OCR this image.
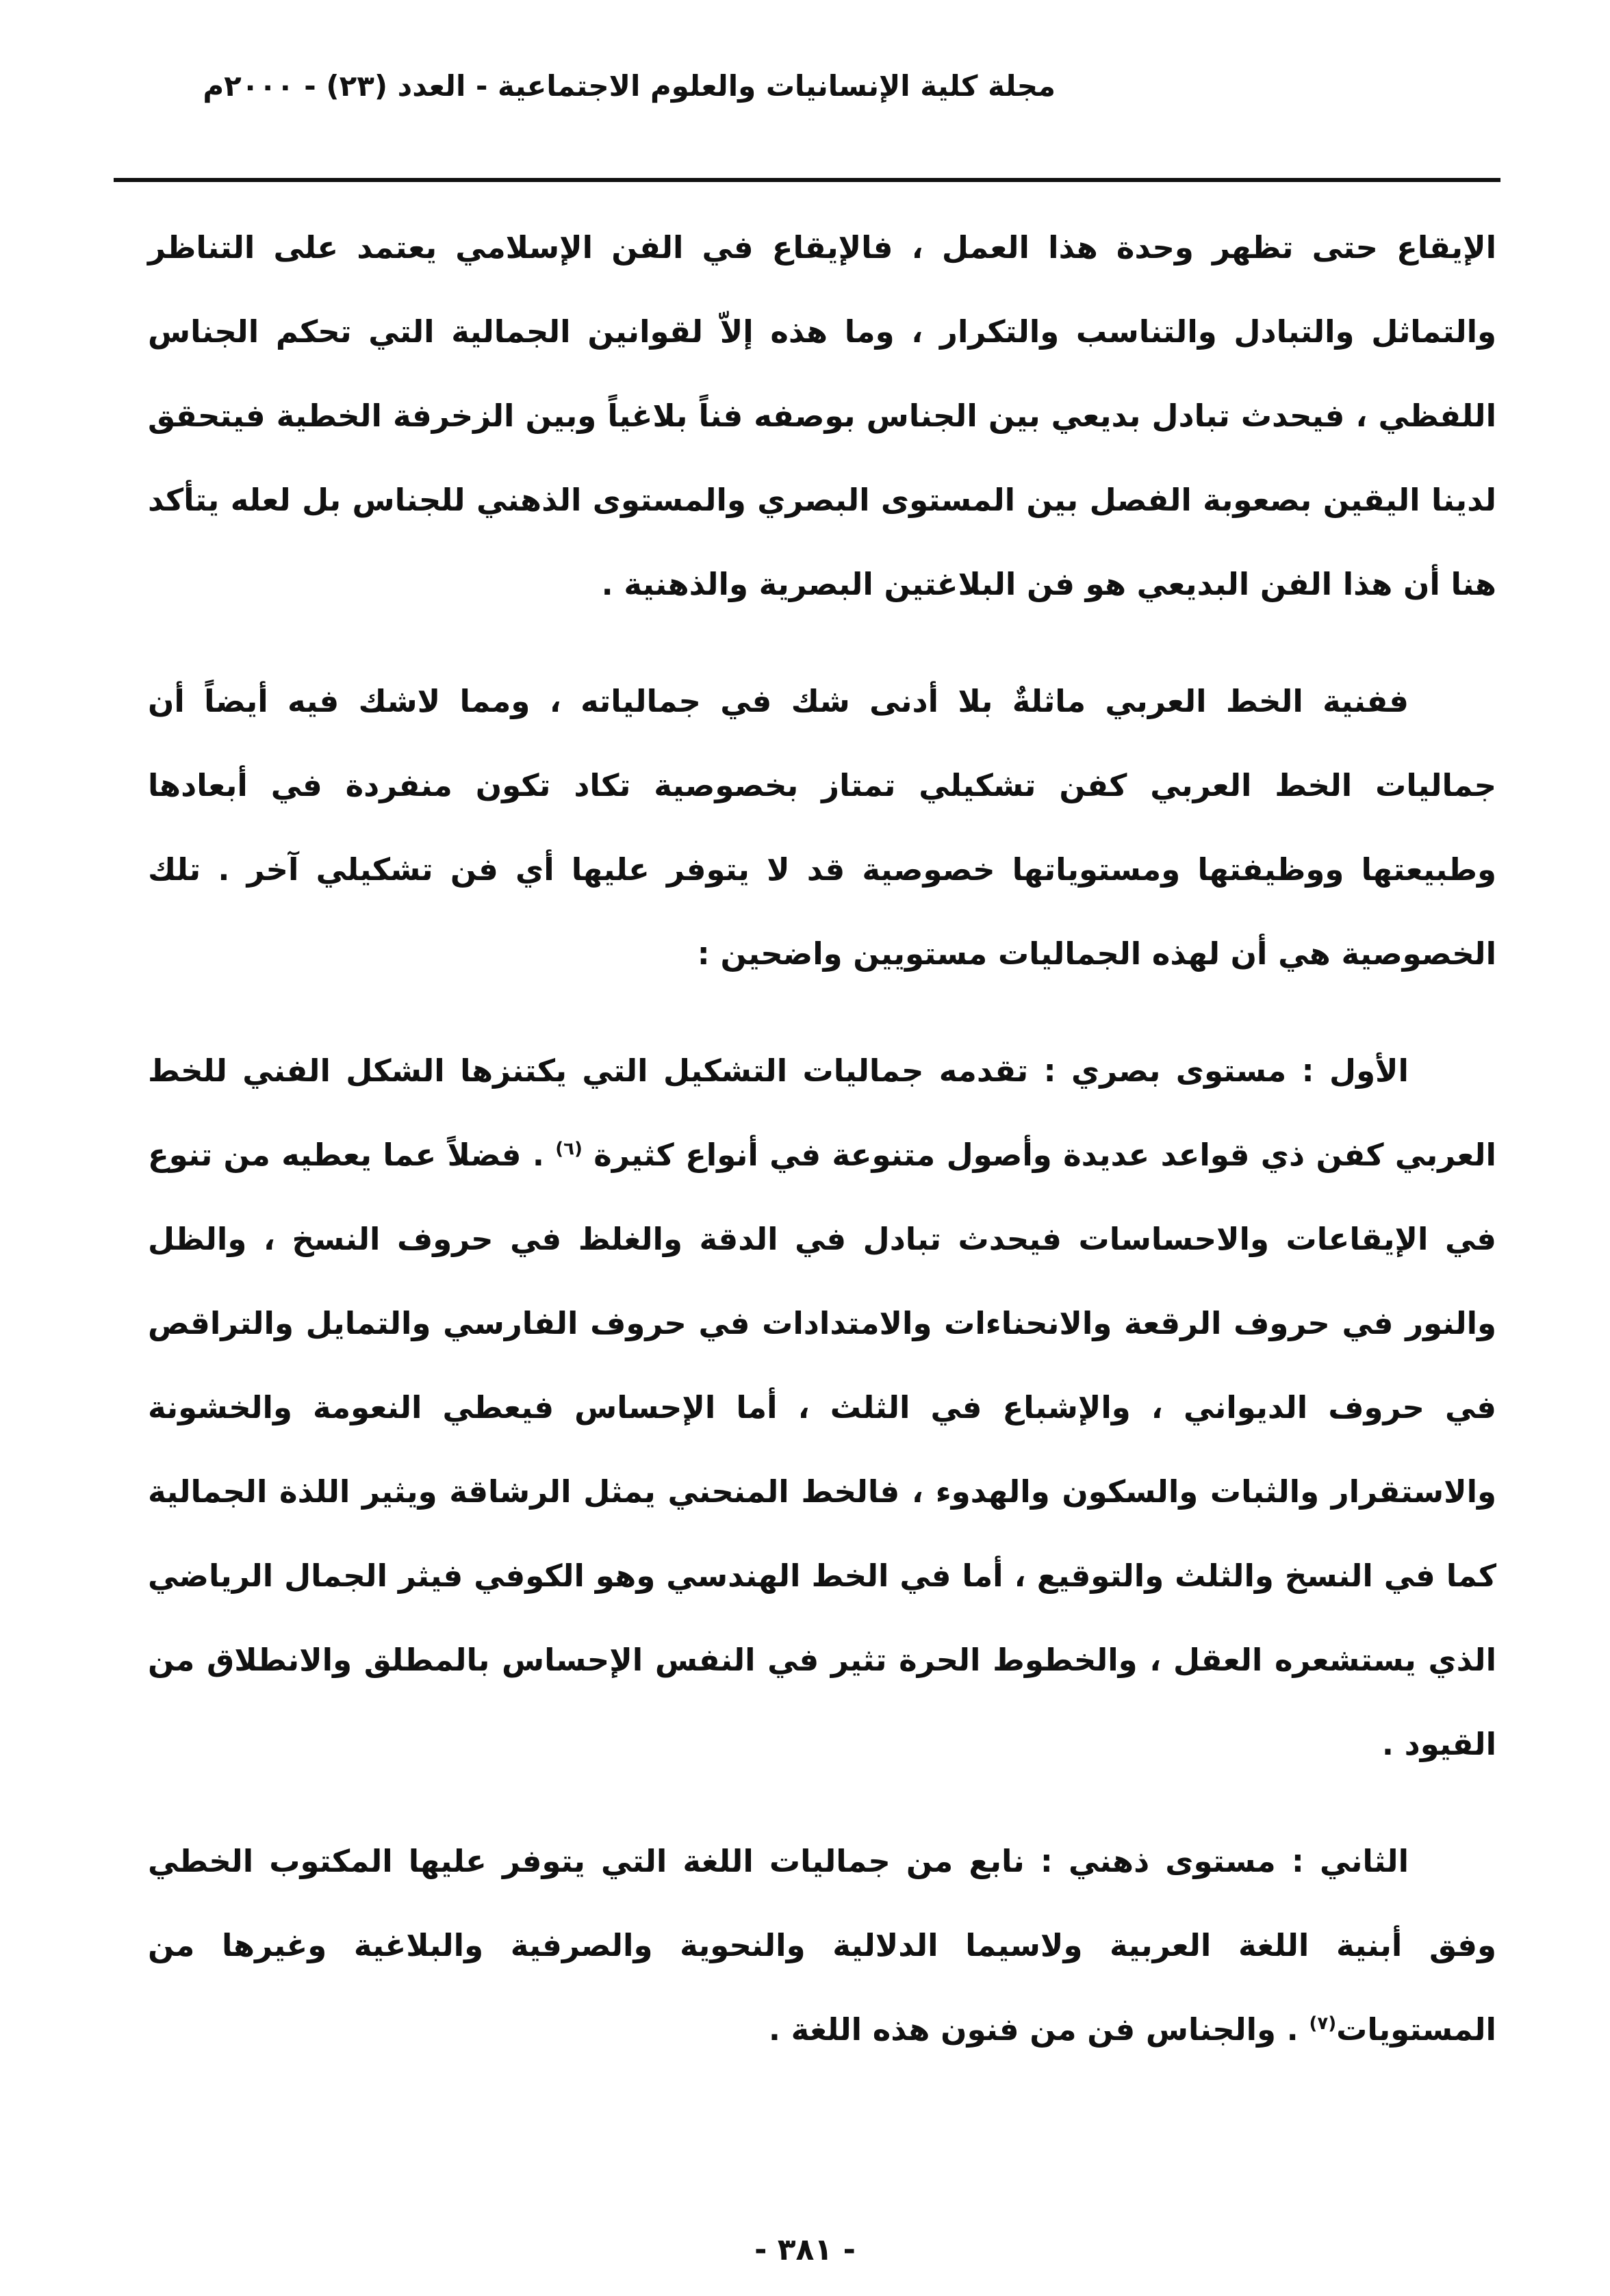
مجلة كلية الإنسانيات والعلوم الاجتماعية - العدد (٢٣) - ٢٠٠٠م

الإيقاع حتى تظهر وحدة هذا العمل ، فالإيقاع في الفن الإسلامي يعتمد على التناظر والتماثل والتبادل والتناسب والتكرار ، وما هذه إلاّ لقوانين الجمالية التي تحكم الجناس اللفظي ، فيحدث تبادل بديعي بين الجناس بوصفه فناً بلاغياً وبين الزخرفة الخطية فيتحقق لدينا اليقين بصعوبة الفصل بين المستوى البصري والمستوى الذهني للجناس بل لعله يتأكد هنا أن هذا الفن البديعي هو فن البلاغتين البصرية والذهنية .

ففنية الخط العربي ماثلةٌ بلا أدنى شك في جمالياته ، ومما لاشك فيه أيضاً أن جماليات الخط العربي كفن تشكيلي تمتاز بخصوصية تكاد تكون منفردة في أبعادها وطبيعتها ووظيفتها ومستوياتها خصوصية قد لا يتوفر عليها أي فن تشكيلي آخر . تلك الخصوصية هي أن لهذه الجماليات مستويين واضحين :

الأول : مستوى بصري : تقدمه جماليات التشكيل التي يكتنزها الشكل الفني للخط العربي كفن ذي قواعد عديدة وأصول متنوعة في أنواع كثيرة $^{(٦)}$ . فضلاً عما يعطيه من تنوع في الإيقاعات والاحساسات فيحدث تبادل في الدقة والغلظ في حروف النسخ ، والظل والنور في حروف الرقعة والانحناءات والامتدادات في حروف الفارسي والتمايل والتراقص في حروف الديواني ، والإشباع في الثلث ، أما الإحساس فيعطي النعومة والخشونة والاستقرار والثبات والسكون والهدوء ، فالخط المنحني يمثل الرشاقة ويثير اللذة الجمالية كما في النسخ والثلث والتوقيع ، أما في الخط الهندسي وهو الكوفي فيثر الجمال الرياضي الذي يستشعره العقل ، والخطوط الحرة تثير في النفس الإحساس بالمطلق والانطلاق من القيود .

الثاني : مستوى ذهني : نابع من جماليات اللغة التي يتوفر عليها المكتوب الخطي وفق أبنية اللغة العربية ولاسيما الدلالية والنحوية والصرفية والبلاغية وغيرها من المستويات$^{(٧)}$ . والجناس فن من فنون هذه اللغة .

- ٣٨١ -
